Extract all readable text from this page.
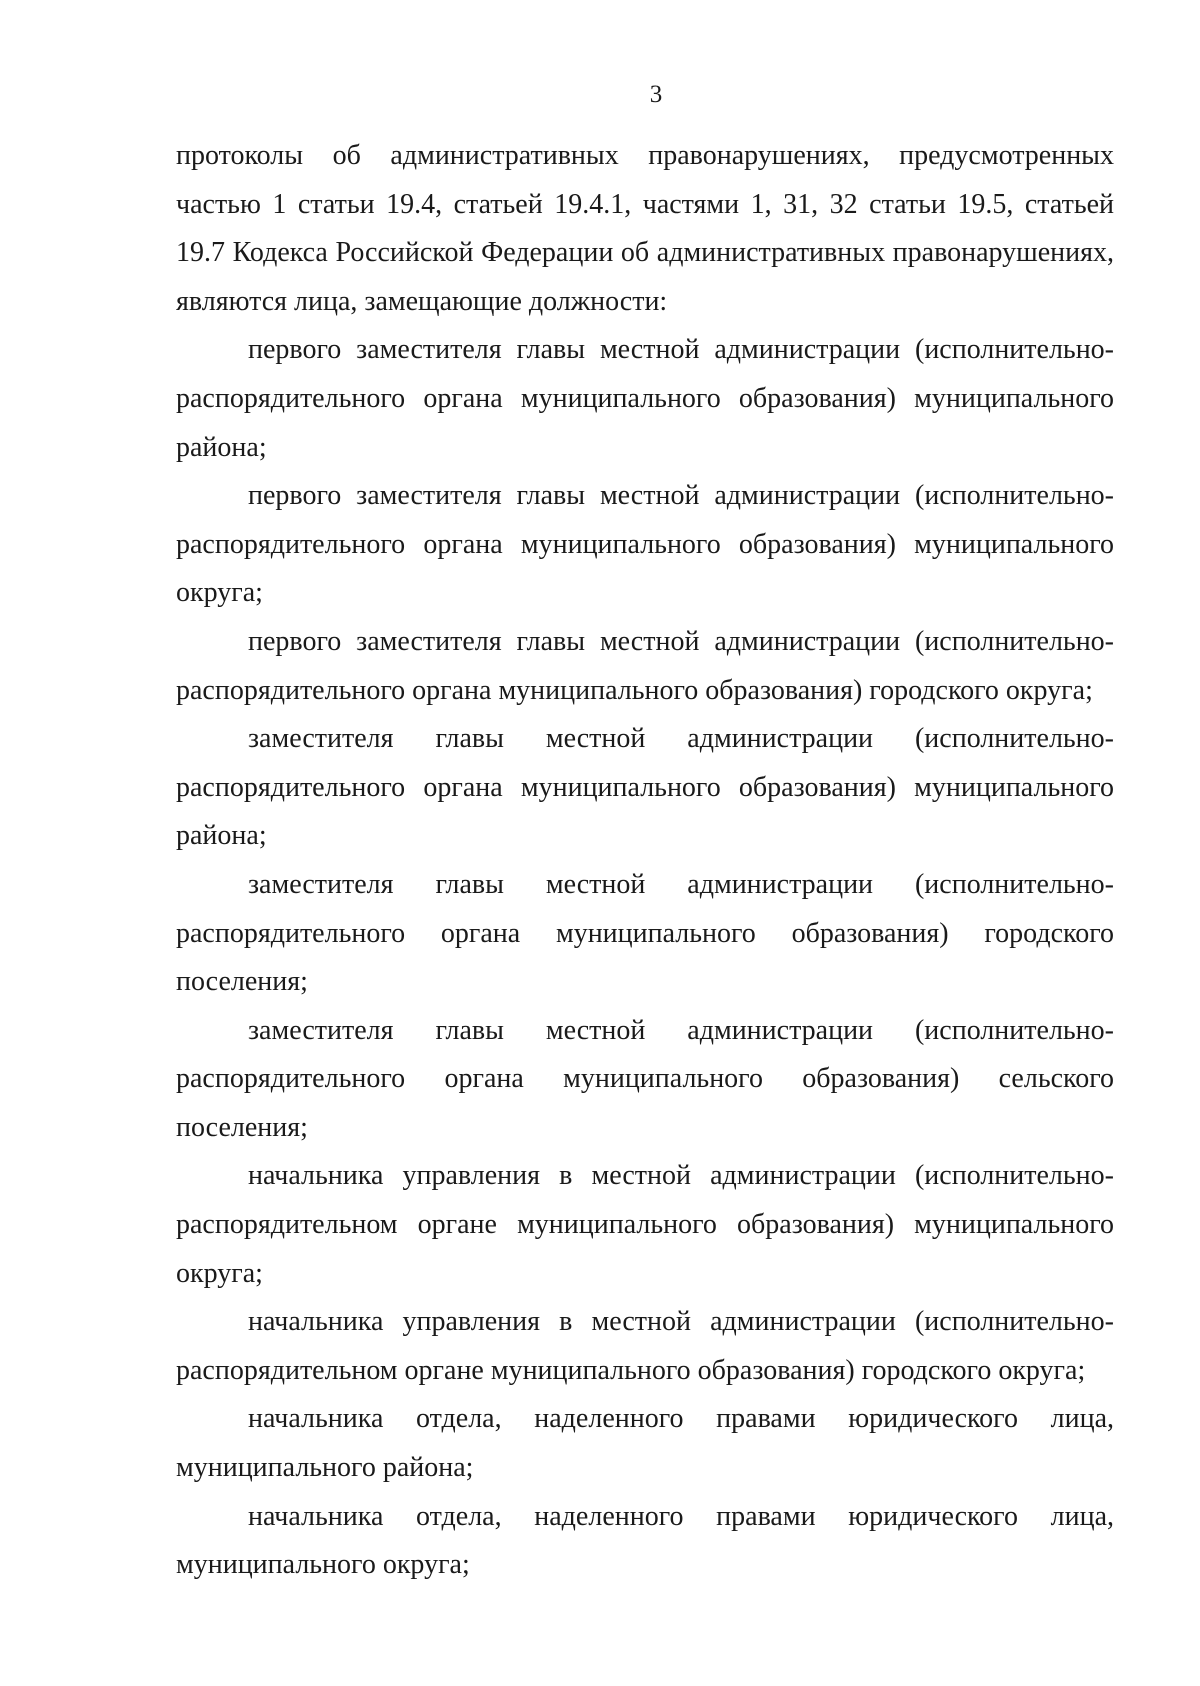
3

протоколы об административных правонарушениях, предусмотренных частью 1 статьи 19.4, статьей 19.4.1, частями 1, 31, 32 статьи 19.5, статьей 19.7 Кодекса Российской Федерации об административных правонарушениях, являются лица, замещающие должности:

первого заместителя главы местной администрации (исполнительно-распорядительного органа муниципального образования) муниципального района;

первого заместителя главы местной администрации (исполнительно-распорядительного органа муниципального образования) муниципального округа;

первого заместителя главы местной администрации (исполнительно-распорядительного органа муниципального образования) городского округа;

заместителя главы местной администрации (исполнительно-распорядительного органа муниципального образования) муниципального района;

заместителя главы местной администрации (исполнительно-распорядительного органа муниципального образования) городского поселения;

заместителя главы местной администрации (исполнительно-распорядительного органа муниципального образования) сельского поселения;

начальника управления в местной администрации (исполнительно-распорядительном органе муниципального образования) муниципального округа;

начальника управления в местной администрации (исполнительно-распорядительном органе муниципального образования) городского округа;

начальника отдела, наделенного правами юридического лица, муниципального района;

начальника отдела, наделенного правами юридического лица, муниципального округа;
